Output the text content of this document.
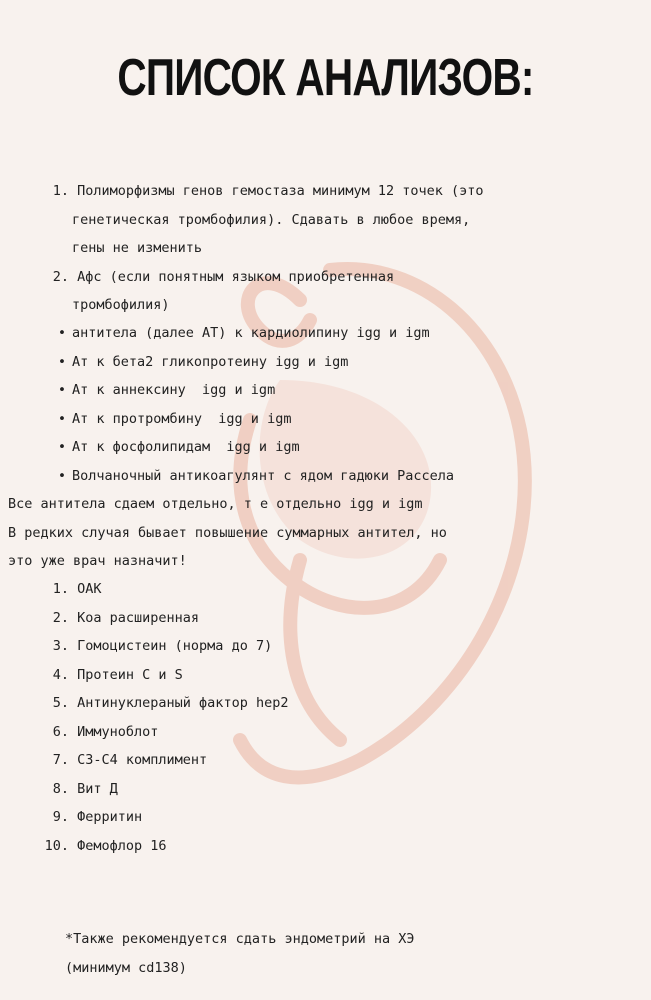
СПИСОК АНАЛИЗОВ:
1. Полиморфизмы генов гемостаза минимум 12 точек (это
генетическая тромбофилия). Сдавать в любое время,
гены не изменить
2. Афс (если понятным языком приобретенная
тромбофилия)
• антитела (далее АТ) к кардиолипину igg и igm
• Ат к бета2 гликопротеину igg и igm
• Ат к аннексину  igg и igm
• Ат к протромбину  igg и igm
• Ат к фосфолипидам  igg и igm
• Волчаночный антикоагулянт с ядом гадюки Рассела
Все антитела сдаем отдельно, т е отдельно igg и igm
В редких случая бывает повышение суммарных антител, но
это уже врач назначит!
1. ОАК
2. Коа расширенная
3. Гомоцистеин (норма до 7)
4. Протеин С и S
5. Антинуклераный фактор hep2
6. Иммуноблот
7. С3-С4 комплимент
8. Вит Д
9. Ферритин
10. Фемофлор 16
*Также рекомендуется сдать эндометрий на ХЭ
(минимум cd138)
